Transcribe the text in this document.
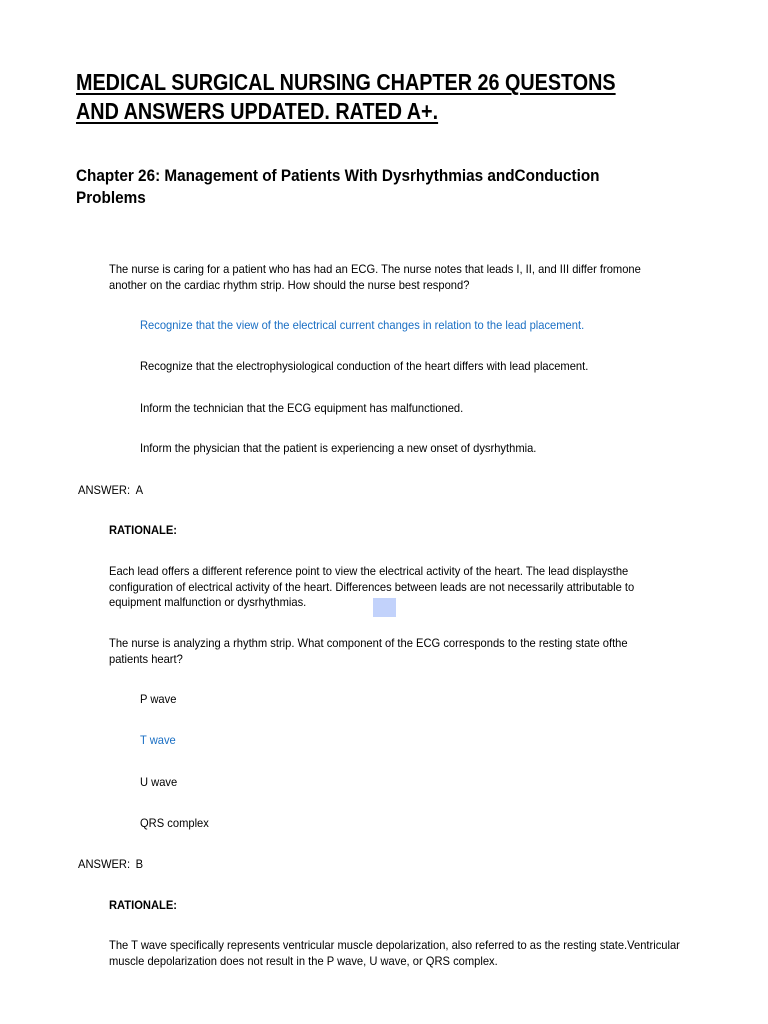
MEDICAL SURGICAL NURSING CHAPTER 26 QUESTONS
AND ANSWERS UPDATED. RATED A+.
Chapter 26: Management of Patients With Dysrhythmias andConduction
Problems
The nurse is caring for a patient who has had an ECG. The nurse notes that leads I, II, and III differ fromone
another on the cardiac rhythm strip. How should the nurse best respond?
Recognize that the view of the electrical current changes in relation to the lead placement.
Recognize that the electrophysiological conduction of the heart differs with lead placement.
Inform the technician that the ECG equipment has malfunctioned.
Inform the physician that the patient is experiencing a new onset of dysrhythmia.
ANSWER: A
RATIONALE:
Each lead offers a different reference point to view the electrical activity of the heart. The lead displaysthe
configuration of electrical activity of the heart. Differences between leads are not necessarily attributable to
equipment malfunction or dysrhythmias.
The nurse is analyzing a rhythm strip. What component of the ECG corresponds to the resting state ofthe
patients heart?
P wave
T wave
U wave
QRS complex
ANSWER: B
RATIONALE:
The T wave specifically represents ventricular muscle depolarization, also referred to as the resting state.Ventricular
muscle depolarization does not result in the P wave, U wave, or QRS complex.
